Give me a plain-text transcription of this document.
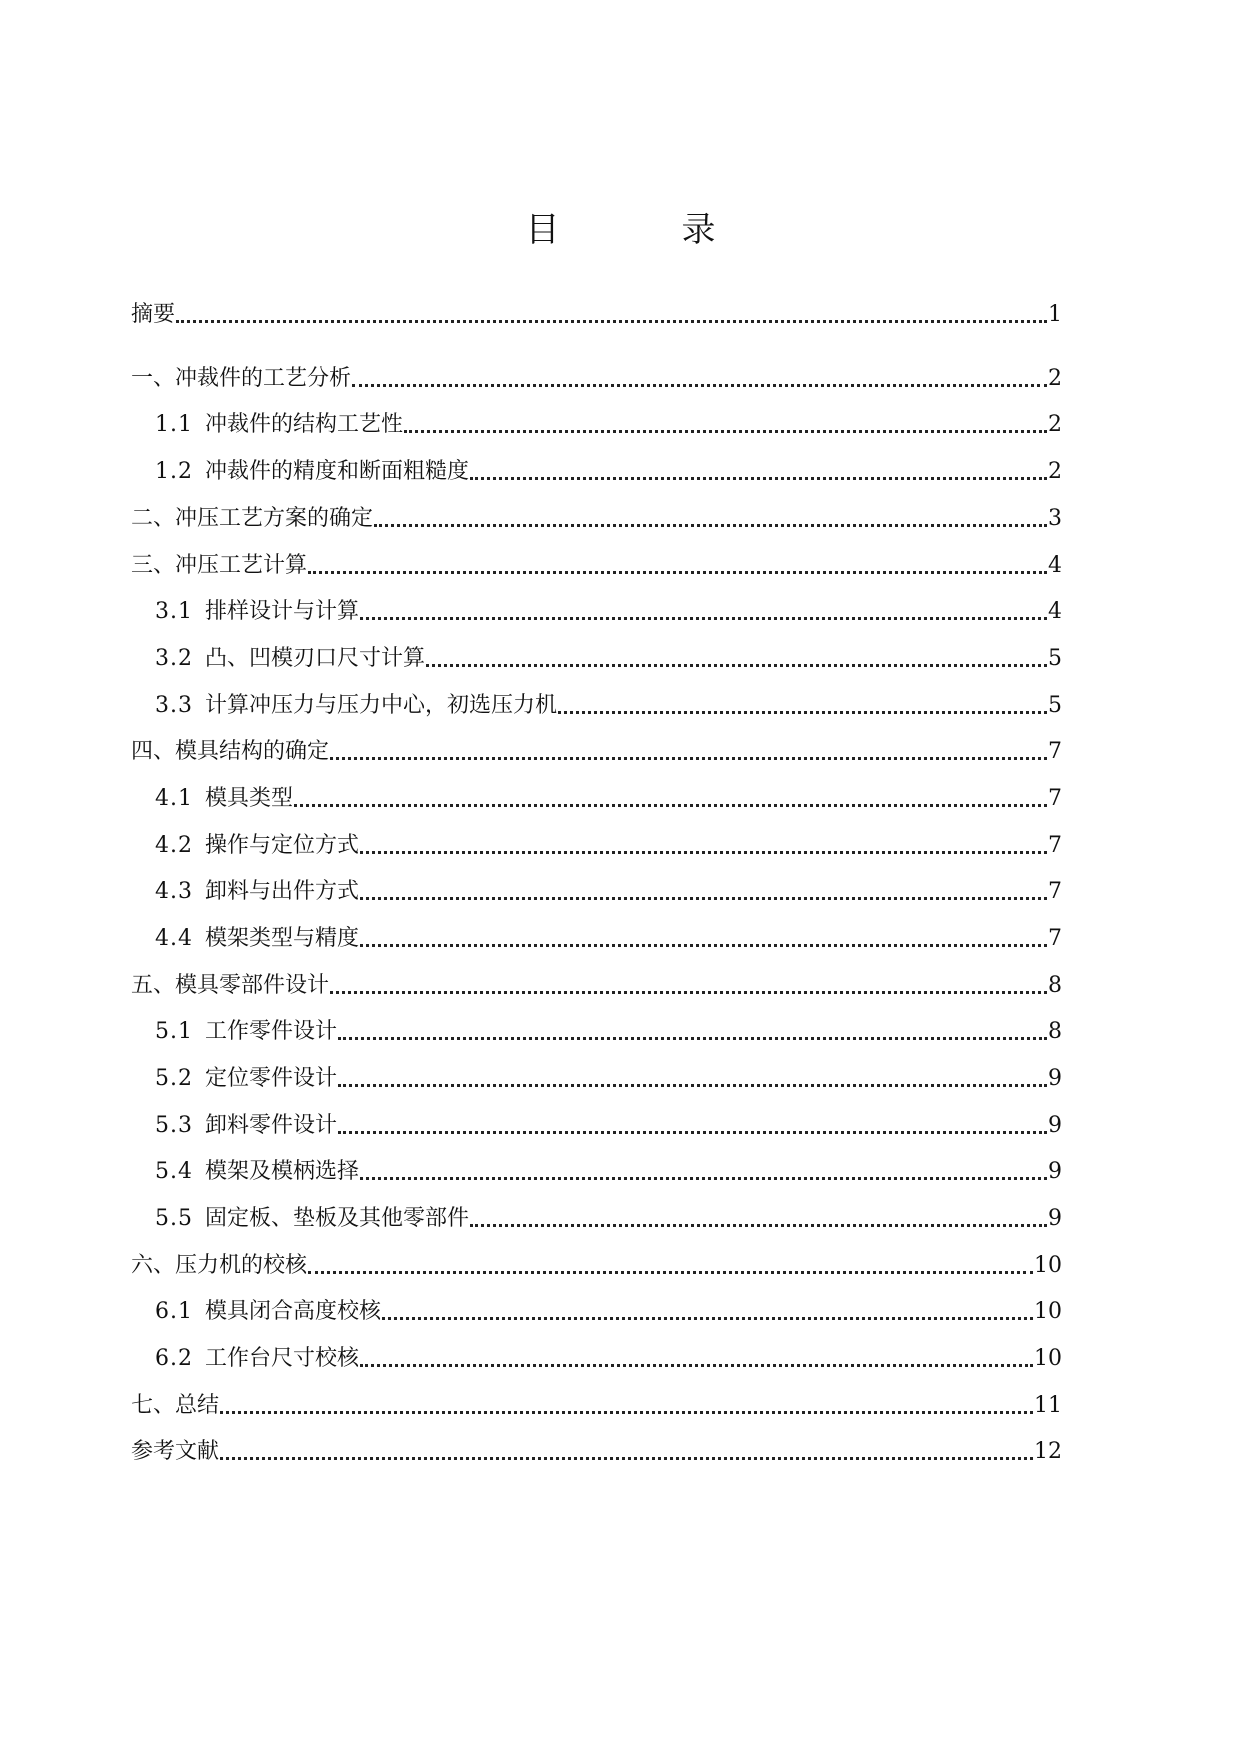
目　录
摘要	1
一、冲裁件的工艺分析	2
1.1 冲裁件的结构工艺性	2
1.2 冲裁件的精度和断面粗糙度	2
二、冲压工艺方案的确定	3
三、冲压工艺计算	4
3.1 排样设计与计算	4
3.2 凸、凹模刃口尺寸计算	5
3.3 计算冲压力与压力中心，初选压力机	5
四、模具结构的确定	7
4.1 模具类型	7
4.2 操作与定位方式	7
4.3 卸料与出件方式	7
4.4 模架类型与精度	7
五、模具零部件设计	8
5.1 工作零件设计	8
5.2 定位零件设计	9
5.3 卸料零件设计	9
5.4 模架及模柄选择	9
5.5 固定板、垫板及其他零部件	9
六、压力机的校核	10
6.1 模具闭合高度校核	10
6.2 工作台尺寸校核	10
七、总结	11
参考文献	12
